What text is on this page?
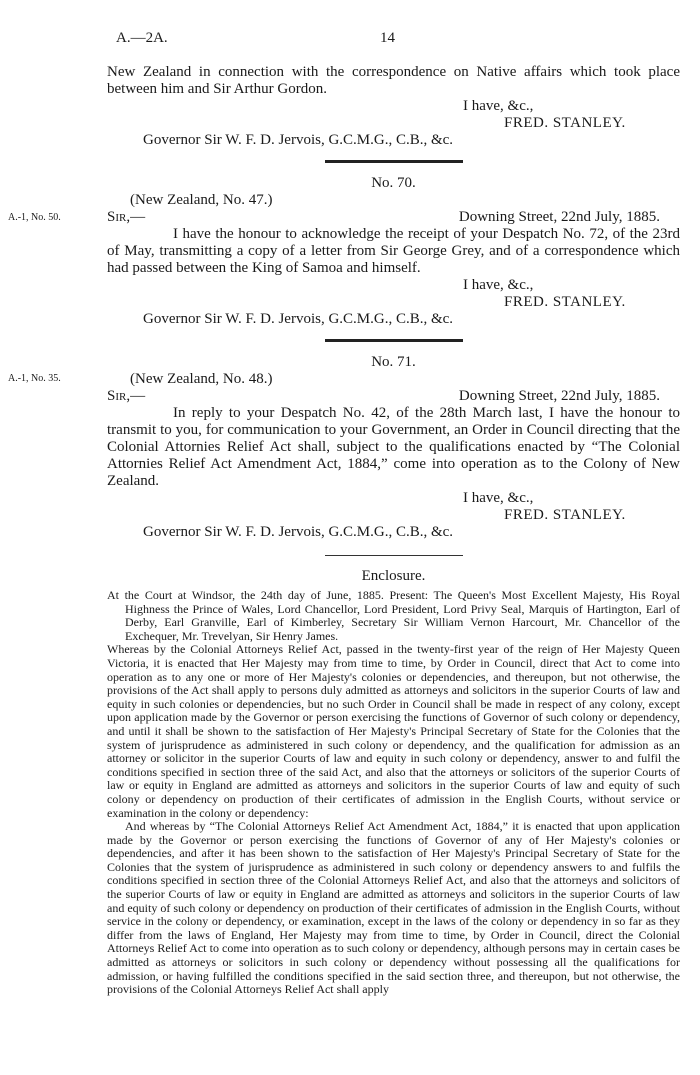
A.—2A.	14
A.-1, No. 50.
A.-1, No. 35.

New Zealand in connection with the correspondence on Native affairs which took place between him and Sir Arthur Gordon.

I have, &c.,

FRED. STANLEY.

Governor Sir W. F. D. Jervois, G.C.M.G., C.B., &c.

No. 70.

(New Zealand, No. 47.)

Sir,—	Downing Street, 22nd July, 1885.

I have the honour to acknowledge the receipt of your Despatch No. 72, of the 23rd of May, transmitting a copy of a letter from Sir George Grey, and of a correspondence which had passed between the King of Samoa and himself.

I have, &c.,

FRED. STANLEY.

Governor Sir W. F. D. Jervois, G.C.M.G., C.B., &c.

No. 71.

(New Zealand, No. 48.)

Sir,—	Downing Street, 22nd July, 1885.

In reply to your Despatch No. 42, of the 28th March last, I have the honour to transmit to you, for communication to your Government, an Order in Council directing that the Colonial Attornies Relief Act shall, subject to the qualifications enacted by “The Colonial Attornies Relief Act Amendment Act, 1884,” come into operation as to the Colony of New Zealand.

I have, &c.,

FRED. STANLEY.

Governor Sir W. F. D. Jervois, G.C.M.G., C.B., &c.

Enclosure.

At the Court at Windsor, the 24th day of June, 1885. Present: The Queen's Most Excellent Majesty, His Royal Highness the Prince of Wales, Lord Chancellor, Lord President, Lord Privy Seal, Marquis of Hartington, Earl of Derby, Earl Granville, Earl of Kimberley, Secretary Sir William Vernon Harcourt, Mr. Chancellor of the Exchequer, Mr. Trevelyan, Sir Henry James.

Whereas by the Colonial Attorneys Relief Act, passed in the twenty-first year of the reign of Her Majesty Queen Victoria, it is enacted that Her Majesty may from time to time, by Order in Council, direct that Act to come into operation as to any one or more of Her Majesty's colonies or dependencies, and thereupon, but not otherwise, the provisions of the Act shall apply to persons duly admitted as attorneys and solicitors in the superior Courts of law and equity in such colonies or dependencies, but no such Order in Council shall be made in respect of any colony, except upon application made by the Governor or person exercising the functions of Governor of such colony or dependency, and until it shall be shown to the satisfaction of Her Majesty's Principal Secretary of State for the Colonies that the system of jurisprudence as administered in such colony or dependency, and the qualification for admission as an attorney or solicitor in the superior Courts of law and equity in such colony or dependency, answer to and fulfil the conditions specified in section three of the said Act, and also that the attorneys or solicitors of the superior Courts of law or equity in England are admitted as attorneys and solicitors in the superior Courts of law and equity of such colony or dependency on production of their certificates of admission in the English Courts, without service or examination in the colony or dependency:

And whereas by “The Colonial Attorneys Relief Act Amendment Act, 1884,” it is enacted that upon application made by the Governor or person exercising the functions of Governor of any of Her Majesty's colonies or dependencies, and after it has been shown to the satisfaction of Her Majesty's Principal Secretary of State for the Colonies that the system of jurisprudence as administered in such colony or dependency answers to and fulfils the conditions specified in section three of the Colonial Attorneys Relief Act, and also that the attorneys and solicitors of the superior Courts of law or equity in England are admitted as attorneys and solicitors in the superior Courts of law and equity of such colony or dependency on production of their certificates of admission in the English Courts, without service in the colony or dependency, or examination, except in the laws of the colony or dependency in so far as they differ from the laws of England, Her Majesty may from time to time, by Order in Council, direct the Colonial Attorneys Relief Act to come into operation as to such colony or dependency, although persons may in certain cases be admitted as attorneys or solicitors in such colony or dependency without possessing all the qualifications for admission, or having fulfilled the conditions specified in the said section three, and thereupon, but not otherwise, the provisions of the Colonial Attorneys Relief Act shall apply
